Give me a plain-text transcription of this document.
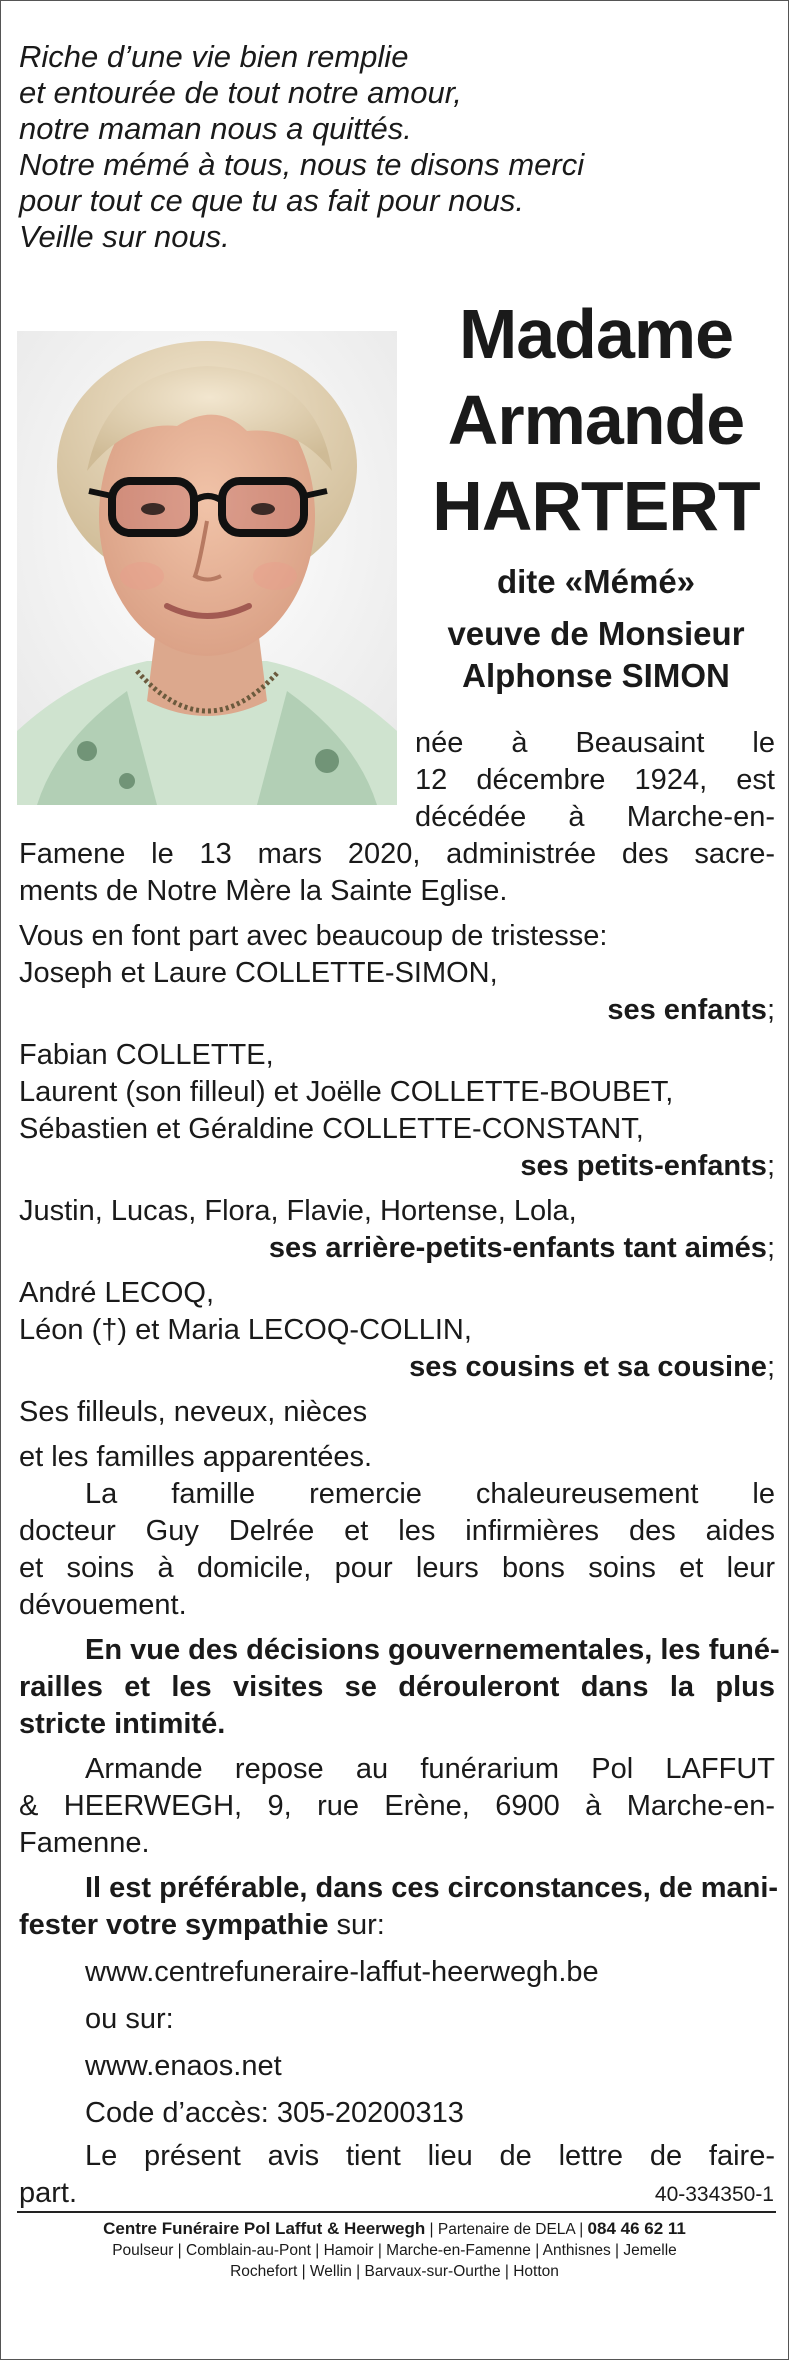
Riche d’une vie bien remplie
et entourée de tout notre amour,
notre maman nous a quittés.
Notre mémé à tous, nous te disons merci
pour tout ce que tu as fait pour nous.
Veille sur nous.
Madame
Armande
HARTERT
dite «Mémé»
veuve de Monsieur
Alphonse SIMON
née à Beausaint le
12 décembre 1924, est
décédée à Marche-en-
Famene le 13 mars 2020, administrée des sacre-
ments de Notre Mère la Sainte Eglise.
Vous en font part avec beaucoup de tristesse:
Joseph et Laure COLLETTE-SIMON,
ses enfants;
Fabian COLLETTE,
Laurent (son filleul) et Joëlle COLLETTE-BOUBET,
Sébastien et Géraldine COLLETTE-CONSTANT,
ses petits-enfants;
Justin, Lucas, Flora, Flavie, Hortense, Lola,
ses arrière-petits-enfants tant aimés;
André LECOQ,
Léon (†) et Maria LECOQ-COLLIN,
ses cousins et sa cousine;
Ses filleuls, neveux, nièces
et les familles apparentées.
La famille remercie chaleureusement le
docteur Guy Delrée et les infirmières des aides
et soins à domicile, pour leurs bons soins et leur
dévouement.
En vue des décisions gouvernementales, les funé-
railles et les visites se dérouleront dans la plus
stricte intimité.
Armande repose au funérarium Pol LAFFUT
& HEERWEGH, 9, rue Erène, 6900 à Marche-en-
Famenne.
Il est préférable, dans ces circonstances, de mani-
fester votre sympathie sur:
www.centrefuneraire-laffut-heerwegh.be
ou sur:
www.enaos.net
Code d’accès: 305-20200313
Le présent avis tient lieu de lettre de faire-
part.	40-334350-1
Centre Funéraire Pol Laffut & Heerwegh | Partenaire de DELA | 084 46 62 11
Poulseur | Comblain-au-Pont | Hamoir | Marche-en-Famenne | Anthisnes | Jemelle
Rochefort | Wellin | Barvaux-sur-Ourthe | Hotton
